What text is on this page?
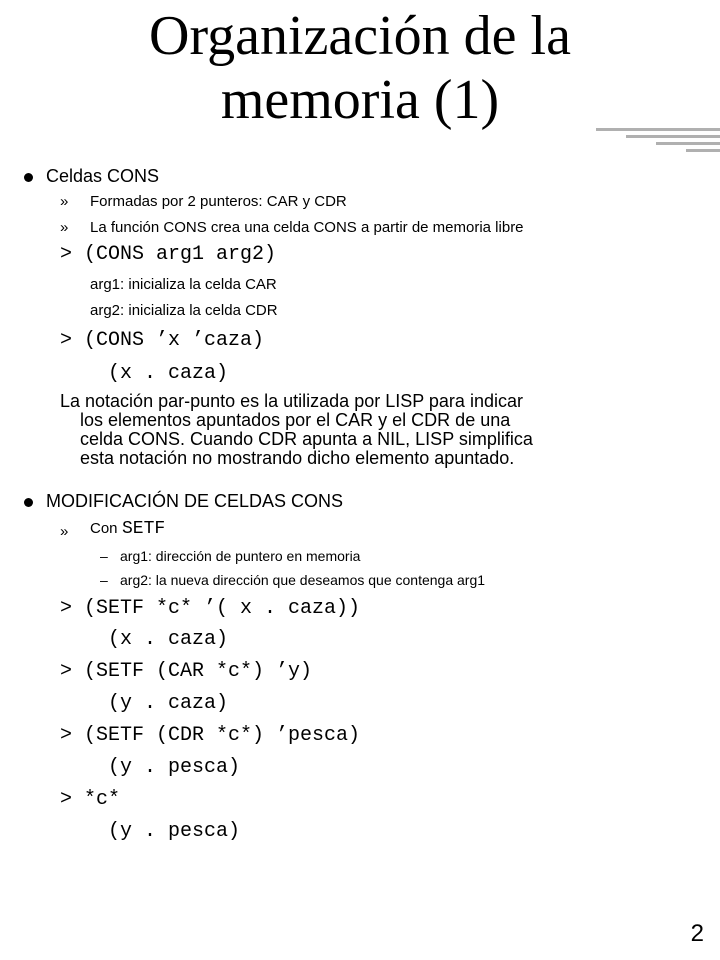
Organización de la
memoria (1)
Celdas CONS
» Formadas por 2 punteros: CAR y CDR
» La función CONS crea una celda CONS a partir de memoria libre
> (CONS arg1 arg2)
arg1: inicializa la celda CAR
arg2: inicializa la celda CDR
> (CONS ’x ’caza)
(x . caza)
La notación par-punto es la utilizada por LISP para indicar
los elementos apuntados por el CAR y el CDR de una
celda CONS. Cuando CDR apunta a NIL, LISP simplifica
esta notación no mostrando dicho elemento apuntado.
MODIFICACIÓN DE CELDAS CONS
» Con SETF
– arg1: dirección de puntero en memoria
– arg2: la nueva dirección que deseamos que contenga arg1
> (SETF *c* ’( x . caza))
(x . caza)
> (SETF (CAR *c*) ’y)
(y . caza)
> (SETF (CDR *c*) ’pesca)
(y . pesca)
> *c*
(y . pesca)
2
